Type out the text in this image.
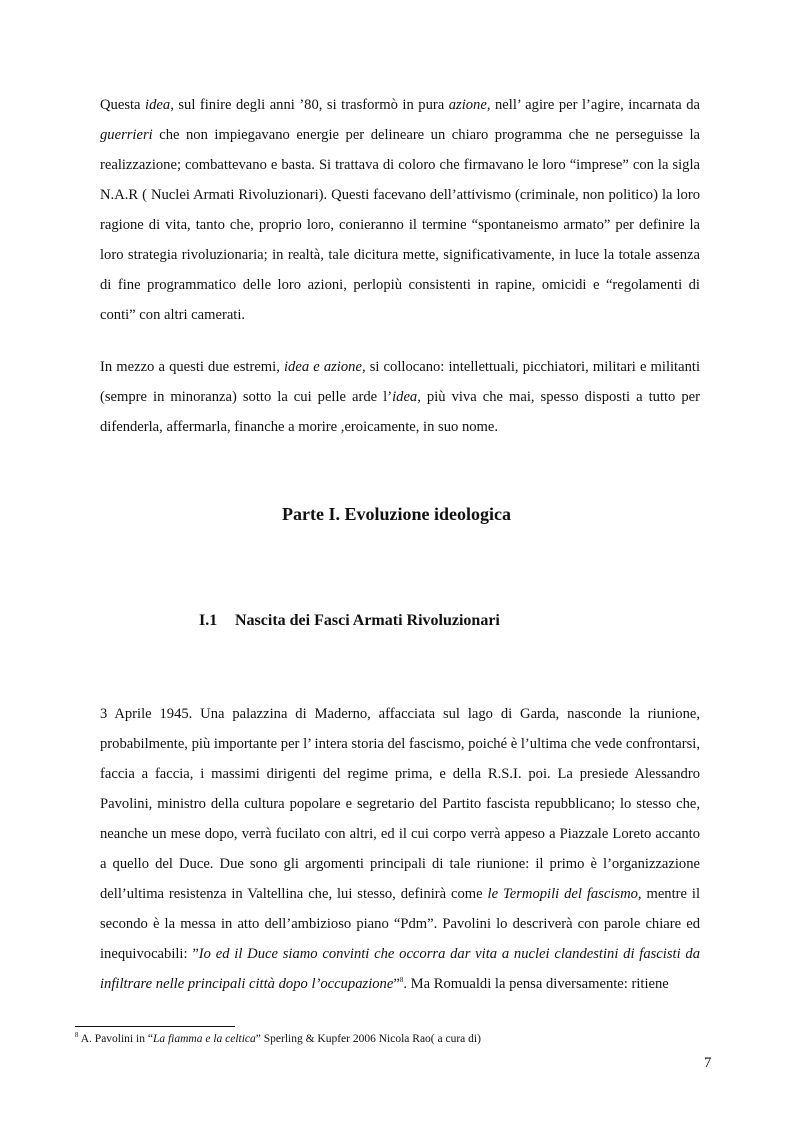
Questa idea, sul finire degli anni ’80, si trasformò in pura azione, nell’ agire per l’agire, incarnata da guerrieri che non impiegavano energie per delineare un chiaro programma che ne perseguisse la realizzazione; combattevano e basta. Si trattava di coloro che firmavano le loro “imprese” con la sigla N.A.R ( Nuclei Armati Rivoluzionari). Questi facevano dell’attivismo (criminale, non politico) la loro ragione di vita, tanto che, proprio loro, conieranno il termine “spontaneismo armato” per definire la loro strategia rivoluzionaria; in realtà, tale dicitura mette, significativamente, in luce la totale assenza di fine programmatico delle loro azioni, perlopiù consistenti in rapine, omicidi e “regolamenti di conti” con altri camerati.
In mezzo a questi due estremi, idea e azione, si collocano: intellettuali, picchiatori, militari e militanti (sempre in minoranza) sotto la cui pelle arde l’idea, più viva che mai, spesso disposti a tutto per difenderla, affermarla, finanche a morire ,eroicamente, in suo nome.
Parte I. Evoluzione ideologica
I.1 Nascita dei Fasci Armati Rivoluzionari
3 Aprile 1945. Una palazzina di Maderno, affacciata sul lago di Garda, nasconde la riunione, probabilmente, più importante per l’ intera storia del fascismo, poiché è l’ultima che vede confrontarsi, faccia a faccia, i massimi dirigenti del regime prima, e della R.S.I. poi. La presiede Alessandro Pavolini, ministro della cultura popolare e segretario del Partito fascista repubblicano; lo stesso che, neanche un mese dopo, verrà fucilato con altri, ed il cui corpo verrà appeso a Piazzale Loreto accanto a quello del Duce. Due sono gli argomenti principali di tale riunione: il primo è l’organizzazione dell’ultima resistenza in Valtellina che, lui stesso, definirà come le Termopili del fascismo, mentre il secondo è la messa in atto dell’ambizioso piano “Pdm”. Pavolini lo descriverà con parole chiare ed inequivocabili: ”Io ed il Duce siamo convinti che occorra dar vita a nuclei clandestini di fascisti da infiltrare nelle principali città dopo l’occupazione”$^8$. Ma Romualdi la pensa diversamente: ritiene
$^8$ A. Pavolini in “La fiamma e la celtica” Sperling & Kupfer 2006 Nicola Rao( a cura di)
7
